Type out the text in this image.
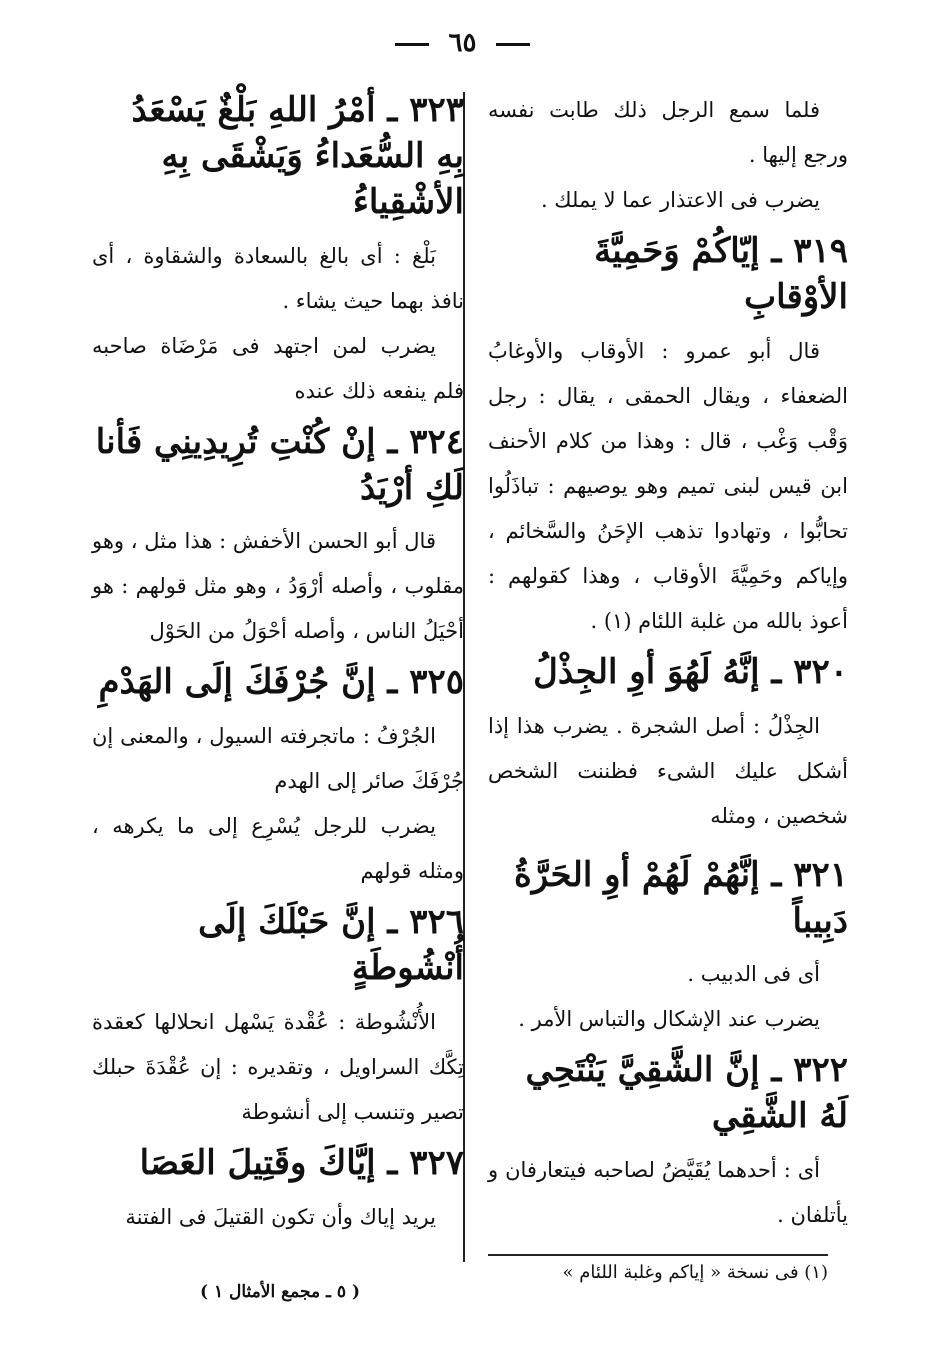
٦٥

فلما سمع الرجل ذلك طابت نفسه ورجع إليها .

يضرب فى الاعتذار عما لا يملك .

٣١٩ ـ إيّاكُمْ وَحَمِيَّةَ الأوْقابِ

قال أبو عمرو : الأوقاب والأوغابُ الضعفاء ، ويقال الحمقى ، يقال : رجل وَقْب وَغْب ، قال : وهذا من كلام الأحنف ابن قيس لبنى تميم وهو يوصيهم : تباذَلُوا تحابُّوا ، وتهادوا تذهب الإحَنُ والسَّخائم ، وإياكم وحَمِيَّةَ الأوقاب ، وهذا كقولهم : أعوذ بالله من غلبة اللئام (١) .

٣٢٠ ـ إنَّهُ لَهُوَ أوِ الجِذْلُ

الجِذْلُ : أصل الشجرة . يضرب هذا إذا أشكل عليك الشىء فظننت الشخص شخصين ، ومثله

٣٢١ ـ إنَّهُمْ لَهُمْ أوِ الحَرَّةُ دَبِيباً

أى فى الدبيب .

يضرب عند الإشكال والتباس الأمر .

٣٢٢ ـ إنَّ الشَّقِيَّ يَنْتَحِي لَهُ الشَّقِي

أى : أحدهما يُقَيَّضُ لصاحبه فيتعارفان و يأتلفان .

٣٢٣ ـ أمْرُ اللهِ بَلْغٌ يَسْعَدُ بِهِ السُّعَداءُ وَيَشْقَى بِهِ الأشْقِياءُ

بَلْغ : أى بالغ بالسعادة والشقاوة ، أى نافذ بهما حيث يشاء .

يضرب لمن اجتهد فى مَرْضَاة صاحبه فلم ينفعه ذلك عنده

٣٢٤ ـ إنْ كُنْتِ تُرِيدِينِي فَأنا لَكِ أرْيَدُ

قال أبو الحسن الأخفش : هذا مثل ، وهو مقلوب ، وأصله أرْوَدُ ، وهو مثل قولهم : هو أحْيَلُ الناس ، وأصله أحْوَلُ من الحَوْل

٣٢٥ ـ إنَّ جُرْفَكَ إلَى الهَدْمِ

الجُرْفُ : ماتجرفته السيول ، والمعنى إن جُرْفَكَ صائر إلى الهدم

يضرب للرجل يُسْرِع إلى ما يكرهه ، ومثله قولهم

٣٢٦ ـ إنَّ حَبْلَكَ إلَى أُنْشُوطَةٍ

الأُنْشُوطة : عُقْدة يَسْهل انحلالها كعقدة تِكَّك السراويل ، وتقديره : إن عُقْدَةَ حبلك تصير وتنسب إلى أنشوطة

٣٢٧ ـ إيَّاكَ وقَتِيلَ العَصَا

يريد إياك وأن تكون القتيلَ فى الفتنة

(١) فى نسخة « إياكم وغلبة اللئام »
( ٥ ـ مجمع الأمثال ١ )
